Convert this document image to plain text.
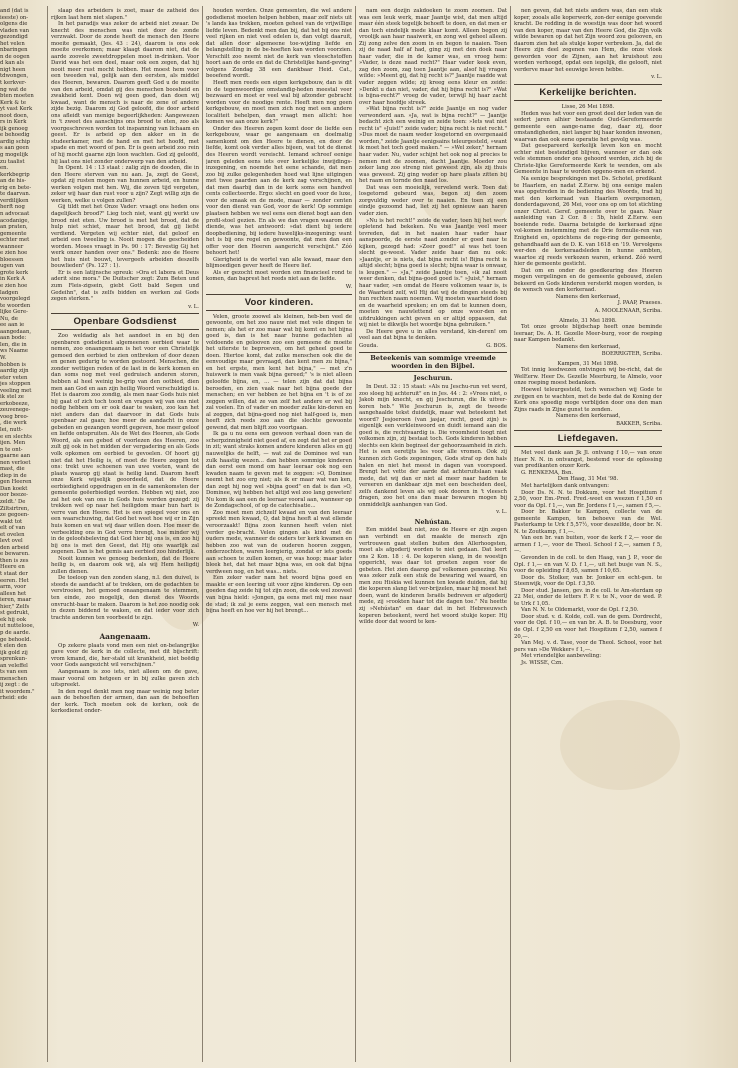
and (dat is
ieeste) on-
olgens die
vladen van
gezondigd
het velen
nbaringen
n de oogen
d kan als
nigt heen
tdwongen,
t kerkver-
ng wat de
bten moeten
Kerk & te
yt vast Kerk
noot doen,
rs in Kerk
ijk genoeg
e behoedig
ardig schip
s aan geen
g mogelijk
zu taalist
en.
kerkbegrip
an de his-
rig en bete-
te daarvan.
verdilijken
herft nog
n advocaat
acodanige,
an praten,
gemeente
echter met
wanneer
e zien hoe
bloessen
ugen van
grote kerk
in Kerk A
e zien hoe
ladgen
voorgelegd
te woorden
lijke Gere-
Nu, de
ee aan ie
aangedaan,
aan bode:
len, die in
ws Naame
W.
hobben is
aardig zijn
eter veten
jes stoppen
veeling met
ik stel ze
erkobeeze,
zeuvenege-
voeg breo-
, die werk
lei, nutt-
e en slechts
ijen. Men
n te ont-
gaarne aan
nen verloet
mast, die
diep in de
gen Heeren
Dan koekt
oor beeze-
zeldt.' De
Ziltsirtren,
ze gegoen-
wakt tot
elt of van
et ovelen
levt ovel
den arbeid
e bewaren.
then is zes
Heere en
t staat der
eeren. Het
arm, voor
allesn het
ieren, maar
hier," Zelfs
st gedrukt,
ek hij ook
ut nuttelooe,
p de aarde.
ge behoeld.
t elen den
ijk gold zij
sprenkun-
an veleffel
ts van een
menschen
ij zegt : de
it woordem."
rheid: ede

slaap des arbeiders is zoet, maar de zatheid des rijken laat hem niet slapen."

In het paradijs was zeker de arbeid niet zwaar. De knecht des menschen was niet door de zonde verzwakt. Door de zonde heeft de mensch den Heere moeite gemaakt, (Jes. 43 : 24), daarom is ons ook moeite overkomen; maar klaagt daarom niet, dat de aarde zoovele zweetdroppelen moet in-drinken. Voor David was het een deel, maar ook een zegen, dat hij nooit meer rust mocht hebben. Het moest hem voor een tweeden val, gelijk aan den eersten, als middel des Heeren, bewaren. Daarom geeft God u de moeite van den arbeid, omdat gij des menschen boosheid en zwakheid kent. Doen wij geen goed, dan doen wij kwaad, want de mensch is naar de zene of andere zijde bezig. Daarom zij God geloofd, die door arbeid ons afleidt van menige begeerlijkheden: Aangewezen in 't zweet des aanschijns ons brood te eten, zoo als voorgeschreven worden tot inspanning van lichaam en geest. Er is arbeid op den akker en in de studeerkamer, met de hand en met het hoofd, met spade en met woord of pen. Er is geen arbeid zoo rein of hij mocht gaarne zijn loon wachten. God zij geloofd, hij laat ons niet zonder onderwerp van den arbeid.

In Opent. 14 : 13 staat : zalig zijn de dooden, die in den Heere sterven van nu aan. Ja, zegt de Geest, opdat zij rusten mogen van hunnen arbeid, en hunne werken volgen met hen. Wij, die zeven tijd vergeten, zeker wij haar dan rust voor u zijn? Zegt willig zijn de werken, welke u volgen zullen?

Gij tildt met het Onze Vader: vraagt ons heden ons dagelijksch brood?" Lieg toch niet, want gij werkt uw brood niet eten. Uw brood is met het brood, dat de hulp niet schiet, maar het brood, dat gij liefst verdiend. Vergeten wij echter niet, dat geloof en arbeid een tweeling is. Nooit mogen die gescheiden worden. Moses vraagt in Ps. 90 : 17: Bevestig Gij het werk onzer handen over ons." Bedenk: zoo de Heere het huis niet bouwt, tevergeefs arbeiden deszelfs bouwlieden" (Ps. 127 : 1).

Er is een latijnsche spreuk: »Ora et labora et Deus aderit sine mora." De Duitscher zegt: Zum Beten und zum Fleis-zigsein, giebt Gott bald Segen und Gedeihn", dat is zelfs bidden en werken zal Gods zegen sterken."

v. L.
Openbare Godsdienst

Zoo weldadig als het aandoet in en bij den openbaren godsdienst algemeenen eerbied waar te nemen, zoo onaangenaam is het voor een Christelijk gemoed den eerbied te zien ontbreken of door dezen en genen gedurig te worden gestoord. Menschen, die zonder wettigen reden of de last in de kerk komen en dan soms nog met veel gedruisch anderen storen, hebben al heel weinig be-grip van den ootbied, dien men aan God en aan zijn heilig Woord verschuldigd is. Het is daarom zoo zondig, als men naar Gods huis niet bij gaat of zich toch toont en vragen wij van ons niet nodig hebben om er ook daar te waken, zoo kan het niet anders dan dat daarvoor in dat Gods huis openbaar zal gaan; hoe meer de aandacht in onze gebeden en gezangen wordt gegeven, hoe meer geloof en liefde ontspruiten. Als de Wet des Heeren, als Gods Woord, als een gebed of voorlezen des Heeren, zoo zult gij ook in het midden der vergadering en als Gods volk opkomen om eerbied te gevoelen. Of hoort gij niet dat het Heilig is, of moet de Heere zeggen tot ons: trekt uwe schoenen van uwe voeten, want de plaats waarop gij staat is heilig land. Daarom heeft onze Kerk wijselijk geoordeeld, dat de Heere eerbiedigheid opgedragen en in de samenkomsten der gemeente geëerbiedigd worden. Hebben wij niet, zoo zal het ook van ons in Gods huis worden gezegd: zij trekken wel op naar het heiligdom maar hun hart is verre van den Heere. Het is een spiegel voor ons en een waarschuwing, dat God het weet hoe wij er in Zijn huis komen en wat wij daar willen doen. Hoe meer de verbeelding ons in God verre brengt, hoe minder wij in de geloofsbeleving dat God hier bij ons is, en zoo hij bij ons is met den Geest, dat Hij ons waarlijk zal zegenen. Dan is het gemis aan eerbied zoo hinderlijk.

Nooit kunnen we genoeg bedenken, dat de Heere heilig is, en daarom ook wij, als wij Hem heiligdij zullen dienen.

De toeloop van den zonden slang, n.l. den duivel, is steeds de aandacht af te trekken, om de gedachten te verstrooien, het gemoed onaangenaam te stemmen, ten einde, zoo mogelijk, den dienst des Woords onvrucht-baar te maken. Daarom is het zoo noodig ook in dezen biddend te waken, en dat ieder voor zich trachte anderen ten voorbeeld te zijn.

W.
Aangenaam.

Op zekere plaats vond men een niet on-belangrijke gave voor de kerk in de collecte, met dit bijschrift: vrom kmand, die, her-stald uit krankheid, niet beëdig voor Gods aangezicht wil verschijnen."

Aangenaam is zoo iets, niet alleen om de gave, maar vooral om hetgeen er in bij zulke gaven zich uitspreekt.

In den regel denkt men nog maar weinig nog beter aan de behoeften der armen, dan aan de behoeften der kerk. Toch moeten ook de kerken, ook de kerkedienst onder-

houden worden. Onze gemeenten, die wel andere godsdienst moeten helpen hebben, maar zelf niets uit 's lands kas trekken, moeten geheel van de vrijwillige liefde leven. Bedenkt men dan bij, dat het bij ons niet veel rijken en niet veel edelen is, dan volgt daaruit, dat allen door algemeene toe-wijding liefde en belangstelling in de be-hoeften kan worden voorzien. Verschilt zoo neemt niet de kerk van vleeschstoffen hoort aan de orde en dat de Christelijke hand-geving" volgens Zondag 38 een dankbaar Heid. Cat., beoefend wordt.

Heeft men reeds een eigen kerkgebouw, dan is dit in de tegenwoordige omstandig-heden meestal veer bezwaard en moet er veel wal bij afzonder gebracht worden voor de noodige rente. Heeft men nog geen kerkgebouw, en moet men zich nog met een andere localiteit behelpen, dan vraagt men allicht: hoe komen we aan onze kerk?"

Onder des Heeren zegen komt door de liefde een kerkgebouw, waar ge aangenaam en doelmatig samenkomt om den Heere te dienen, en door de liefde, komt ook verder alles bijeen, wat tot de dienst des Heeren wordt vereischt. Iemand schreef eenige jaren geleden eens iets over kerkelijke inwijdings-inzegening, en noemde het eene schande, dat men zoo bij zulke gelegenheden hoed wat lijne uitgingen met twee paarden aan de kerk zag verschijnen, en dat men daarbij dan in de kerk soms een handvol cents collecteerde. Ergo: slecht en goed voor de luxe, voor de smaak en de mode, maar — zonder centen voor den dienst van God, voor de kerk! Op sommige plaatsen hebben we wel eens een dienst bogt aan den profil-stoel gezien. En als we dan vragen waarom dit diende, was het antwoord: »dat dient bij iedere doopbediening, bij iedere huwelijks-inzegening: want het is bij ons regel en gewoonte, dat men dan een offer voor den Heeren aangericht verschijnt." Zóó behoort het!

Gierigheid is de wortel van alle kwaad, maar den blijmoedigen gever heeft de Heere lief.

Als er gezocht moet worden om financieel rond te komen, dan baprest het reeds niet aan de liefde.

W.
Voor kinderen.

Velen, groote zoowel als kleinen, heb-ben veel de gewoonte, om het zoo nauw niet met vele dingen te nemen; als het er zoo maar wat bij komt en het bijna goed is, dan is het naar hunne gedachten al voldoende en gelooven zoo een gemeene de moeite het uiterste te beproeven, om het geheel goed te doen. Hiertoe komt, dat zulke menschen ook die de eenvoudige maar gevraagd, dan kent men zu bijna," en het ergste, men kent het bijna," — met z'n huiswerk is men vaak bijna gereed;" 's is niet alleen geloofde bijna, en, ... — telen zijn dat dat bijna beroeden, en zien vaak naar het bijna goede der menschen; en ver hebben ze het bijna en 't is of ze zeggen willen, dat ze van zelf het andere er wel bij zal voelen. En of vader en moeder zulke kin-deren en al zeggen, dat bijna-goed nog niet half-goed is, men heeft zich reeds zoo aan die slechte gewoonte gewend, dat men blijft zoo voortgaan.

Ik ga u nu eens een gewoon verhaal doen van de scherpzinnigheid niet goed af, en zegt dat het er goed in zit; want straks komen andere kinderen alles en gij nauwelijks de helft, — wat zal de Dominee wel van zulk haastig wezen... dan hebben sommige kinderen dan eerst een mond om haar leeraar ook nog een kwaden naam te geven met te zeggen: »O, Dominee neemt het zoo erg niet; als ik er maar wat van ken, dan zegt hij nog wel »bijna goed" en dat is dan »O, Dominee, wij hebben het altijd wel zoo lang geweten! Nu kom ik aan een de leeraar vooral aan, wanneer op de Zondagschool, of op de catechisatie...

Zoo moet men zichzelf kwaad en van den leeraar spreekt men kwaad, O, dat bijna heeft al wat ellende veroorzaakt! Bijna zoon kunnen heeft velen niet verder ge-bracht. Velen gingen als kind met de ouders mede, wanneer de ouders ter kerk kwamen en hebben zoo wat van de ouderen hooren zeggen, onderzochten, waren leergierig, zondat er iets goeds aan schoen te zullen komen, er was hoop; maar later bleek het, dat het maar bijna was, en ook dat bijna verdween nog, en het was... niets.

Een zeker vader nam het woord bijna goed en maakte er een leering uit voor zijne kinderen. Op een goeden dag zeide hij tot zijn zoon, die ook wel zooveel van bijna hield: »Jongen, ga eens met mij mee naar de stad; ik zal je eens zeggen, wat een mensch met bijna heeft en hoe ver hij het brengt...

nam een dozijn zakdoeken te zoom zoomen. Dat was een leuk werk, maar Jaantje wist, dat men altijd maar één steek tegelijk behoeft te doen, en dat men er dan toch eindelijk mede klaar komt. Alleen begon zij vroolijk aan haar naaiwerk, en zong wel geheel alleen. Zij zong zelve den zoom in en begon te naaien. Toen zij de naad half af had, ging zij met den doek naar haar vader, die in de kamer was, en vroeg hem: »Vader, is deze naad recht?" Haar vader keek even, zag den zoom, zag toen Jaantje aan, alsof hij vragen wilde: »Meent gij, dat hij recht is?" Jaantje raadde wat vader zeggen wilde; zij kreeg eens kleur en zeide: »Denkt u dan niet, vader, dat hij bijna recht is?" »Wat is bijna-recht?" vroeg de vader, terwijl hij haar zacht over haar hoofdje streek.

»Wat bijna recht is?" zeide Jaantje en nog vader verwonderd aan. »Ja, wat is bijna recht?" — Jaantje bedacht zich een weinig en zeide toen: »Iets wat niet recht is" »Juist!" zeide vader; bijna recht is niet recht." »Dus moet de naam weder losgetornd en overgenaaid worden," zeide Jaantje eenigsains teleurgesteld, »want ik moet het toch goed maken." — »Wel zeker," hernam haar vader. Nu, vader schijnt het ook nog al precies te nemen met de zoomen, dacht Jaantje. Moeder zou zeker lang zoo streng niet geweest zijn, als zij thuis was geweest. Zij ging weder op hare plaats zitten bij het raam en tornde den naad los.

Dat was een moeielijk, vervelend werk. Toen dat losgetornd gebeurd was, begon zij den zoom zorgvuldig weder over te naaien. En toen zij een eindje gezoomd had, liet zij het opnieuw aan haren vader zien.

»Nu is het recht!" zeide de vader, toen hij het werk opletend had bekeken. Nu was Jaantje veel meer tevreden, dat in het naaien haar vader haar aanspoorde, de eerste naad zonder er goed naar te kijken, gezegd had: »Zeer goed!" al was het toen slecht ge-weest. Vader zeide haar dan nu ook: »Jaantje, er is niets, dat bijna recht is! Bijna recht is altijd slecht; bijna goed is slecht; bijna waar is onwaar, is leugen." — »Ja," zeide Jaantje toen, »ik zal nooit weer denken, dat bijna-goed goed is." »Juist," hernam haar vader, »en omdat de Heere volkomen waar is, is de Waarheid zelf, wil Hij dat wij de dingen steeds bij hun rechten naam noemen. Wij moeten waarheid doen en de waarheid spreken; en om dat te kunnen doen, moeten we nauwlettend op onze woor-den en uitdrukkingen acht geven en er altijd oppassen, dat wij niet te dikwijls het woordje bijna gebruiken."

De Heere geve u in alles verstand, kin-deren! om veel aan dat bijna te denken.

Gouda.	G. BOS.
Beteekenis van sommige vreemde woorden in den Bijbel.
Jeschurun.

In Deut. 32 : 15 staat: »Als nu Jeschu-run vet werd, zoo sloeg hij achteruit" en in Jes. 44 : 2: »Vrees niet, o Jakob mijn knecht, en gij Jeschurun, die Ik uitver-koren heb." Wie Jeschurun is, zegt de tweede aangehaalde tekst duidelijk, maar wat beteekent het woord? Jesjoeroen (van jasjar, recht, goed zijn) is eigenlijk een verkleinwoord en duidt iemand aan die goed is, die rechtvaardig is. Die vroomheid toogt niet volkomen zijn, zij bestaat toch. Gods kinderen hebben slechts een klein beginsel der gehoorzaamheid in zich. Het is een eeretijts les voor alle vromen. Ook zij kunnen zich Gods zegeningen, Gods straf op den hals halen en niet het meest in dagen van voorspoed. Brengt het vette der aarde dat achteruitslaan vaak mede, dat wij dan er niet al meer naar hadden te vereeren en dankbaar zijn met een bescheiden deel, zelfs dankend leven als wij ook dooren in 't vleesch dragen, zoo het ons dan maar bewaren mogen bij onmiddelijk aanhangen van God.

v. L.
Nehústan.

Een middel baat niet, zoo de Heere er zijn zegen aan verbindt en dat maakte de mensch zijn vertrouwen gaat stellen buiten den Allerhoogsten, moet als afgoderij worden te niet gedaan. Dat leert ons 2 Kon. 18 : 4. De koperen slang, in de woestijn opgericht, was daar tot groeten zegen voor de gebeten. Het zien daarop gaf volkomen genezing. Nu was zeker zulk een stuk de bewaring wel waard, en men zou Hiskia wel kunnen ten kwade duiden, dat hij die koperen slang liet ver-brijzelen, maar hij moest het doen, want de kinderen Israëls bedreven er afgoderij mede, zij »rookten haar tot die dagen toe." Nu heette zij »Nehústan" en daar dat in het Hebreeuwsch koperen beteekent, werd het woord stukje koper. Hij wilde door dat woord te ken-

nen geven, dat het niets anders was, dan een stuk koper, zooals alle koperwerk, zon-der eenige goevende kracht. De redding in de woestijn was door het woord van den koper, maar van den Heere God, die Zijn volk wilde bewaren op dat het Zijn woord zou gelooven, en daarom zien het als stukje koper verbreken. Ja, dat de Heere zijn deel zegenen van Hem, die onze vloek geworden voor de Zijnen, aan het kruishout zou worden verhoogd, opdat een iegelijk, die gelooft, niet verderve maar het eeuwige leven hebbe.

v. L.
Kerkelijke berichten.
Lisse, 26 Mei 1898.

Heden was het voor een groot deel der leden van de sedert jaren alhier bestaande Oud-Gereformeerde gemeente een aange-name dag, daar zij, door omstandigheden, niet langer bij haar konden inwonen, waarvan dan ook eene operatie het gevolg was.

Dat gesepareerd kerkelijk leven kon en mocht echter niet bestendigd blijven, wanneer er dan ook vele stemmen onder ons gehoord werden, zich bij de Christe-lijke Gereformeerde Kerk te wenden, om als Gemeente in haar te worden opgeno-men en erkend.

Na eenige besprekingen met Ds. Schotel, predikant te Haarlem, en nadat Z.Eerw. bij ons eenige malen was opgetreden in de bediening des Woords, trad hij met den kerkeraad van Haarlem overgenomen, donderdagavond, 26 Mei, voor ons op om tot stichting onzer Christ. Geref. gemeente over te gaan. Naar aanleiding van 2 Cor. 8 : 5b, hield Z.Eerw. een boeiende rede. Daarna betuigde de kerkeraad zijne vol-komen instemming met de Drie formulie-ren van Enigheid en, opzichtens de rege-ring der gemeente, gehandhaafd aan de D. K. van 1618 en '19. Vervolgens wer-den de kerkeraadsleden in hunne ambten, waartoe zij reeds verkozen waren, erkend. Zóó werd hier de gemeente gesticht.

Dat om en onder de goedkeuring des Heeren mogen vergelingen en de gemeente gebouwd, zielen bekeerd en Gods kinderen versterkt mogen worden, is de wensch van den kerkeraad.

Namens den kerkeraad,
J. PAAP, Praeses.
A. MOOLENAAR, Scriba.
Almelo, 31 Mei 1898.

Tot onze groote blijdschap heeft onze beminde leeraar, Ds. A. H. Gezelle Meer-burg, voor de roeping naar Kampen bedankt.

Namens den kerkeraad,
BOERRIGTER, Scriba.
Kampen, 31 Mei 1898.

Tot innig leedwezen ontvingen wij be-richt, dat de WelEerw. Heer Ds. Gezelle Meerburg, te Almelo, voor onze roeping moest bedanken.

Hoewel teleurgesteld, toch wenschen wij Gode te zwijgen en te wachten, met de bede dat de Koning der Kerk ons spoedig moge verblijden door ons den man Zijns raads in Zijne gunst te zenden.

Namens den kerkeraad,
BAKKER, Scriba.
Liefdegaven.

Met veel dank aan Jk Jl. ontvang f 10,— van onze Heer N. N. in ontvangst, bestemd voor de oplossing van predikanten onzer Kerk.

G. RENKEMA, Bsn.

Den Haag, 31 Mei '98.

Met hartelijken dank ontvangen:

Door Ds. N. N. te Dokkum, voor het Hospitium f 2,50, voor Em.-Pred. Fred.-weet en weezen f 1,50 en voor da Opl. f 1,—, van Br. Jordens f 1,—, samen f 5,—.

Door br. Bakker te Kampen, collecte van de gemeente Kampen, ten behoeve van de Wel. Pasterkamp te Urk f 5,57½, voor deszelfde, door br. N. N. te Zoutkamp, f 1,—.

Van een br. van buiten, voor de kerk f 2,— voor de armen f 1,—, voor de Theol. School f 2,—, samen f 5,—.

Gevonden in de coll. te den Haag, van J. P., voor de Opl. f 1,— en van V. D. f 1,—, uit het busje van N. S., voor de opleiding f 8,65, samen f 10,65.

Door ds. Stolker, van br. Jonker en echt-gen. te Steenwijk, voor de Opl. f 3,50.

Door stud. Jansen, gev. in de coll. te Am-sterdam op 22 Mei, onder de letters F. P. v. te N., voor de wed. P. te Urk f 1,05.

Van N. N. te Oldemarkt, voor de Opl. f 2,50.

Door stud. v. d. Kolde, coll. van de gem. Dordrecht, voor de Opl. f 10,— en van br. A. B. te Doesburg, voor de Opl. f 2,50 en voor het Hospitium f 2,50, samen f 20,—.

Van Mej. v. d. Tase, voor de Theol. School, voor het pers van »De Wekker« f 1,—.

Met vriendelijke aanbeveling:

Js. WISSE, Czn.
